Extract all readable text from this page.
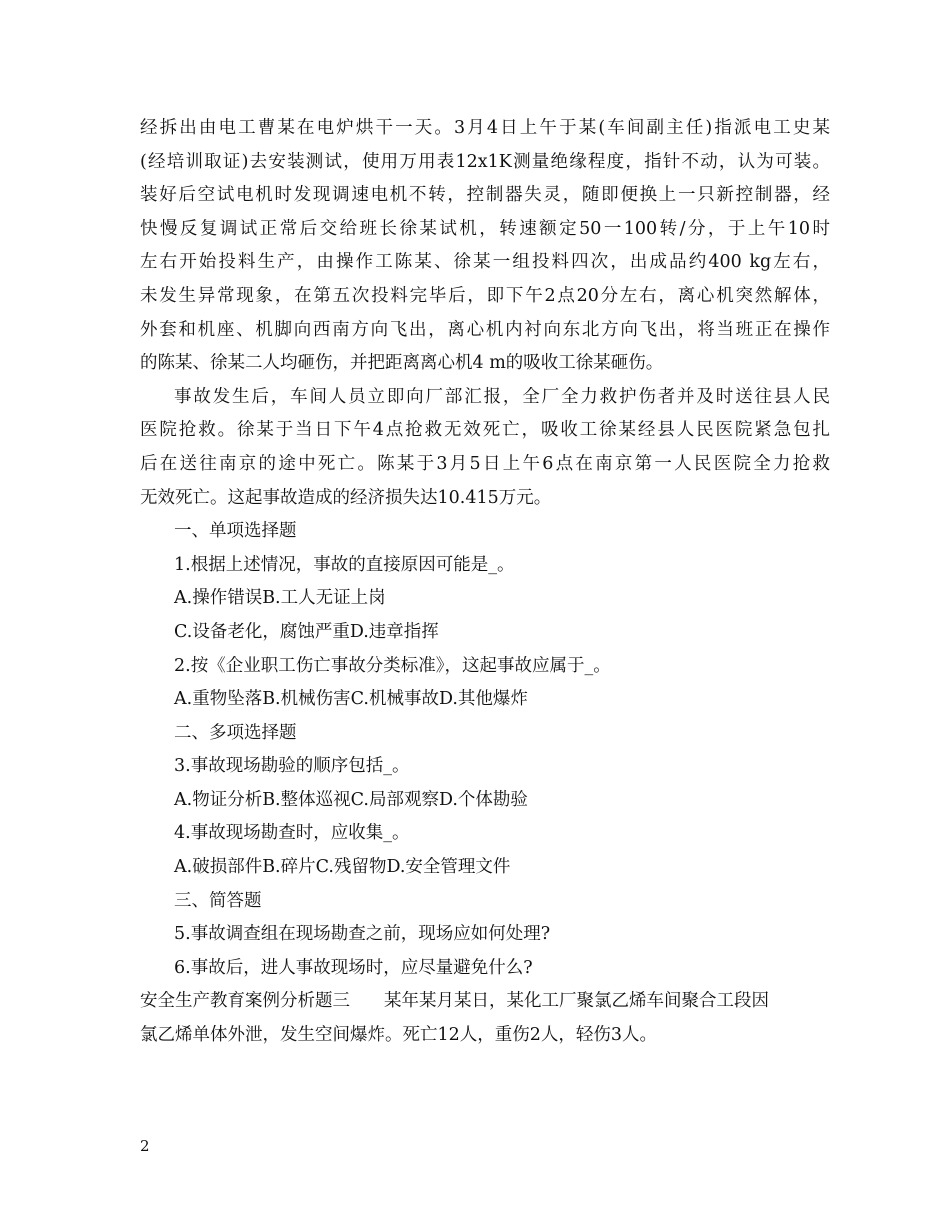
经拆出由电工曹某在电炉烘干一天。3月4日上午于某(车间副主任)指派电工史某
(经培训取证)去安装测试，使用万用表12x1K测量绝缘程度，指针不动，认为可装。
装好后空试电机时发现调速电机不转，控制器失灵，随即便换上一只新控制器，经
快慢反复调试正常后交给班长徐某试机，转速额定50一100转/分，于上午10时
左右开始投料生产，由操作工陈某、徐某一组投料四次，出成品约400 kg左右，
未发生异常现象，在第五次投料完毕后，即下午2点20分左右，离心机突然解体，
外套和机座、机脚向西南方向飞出，离心机内衬向东北方向飞出，将当班正在操作
的陈某、徐某二人均砸伤，并把距离离心机4 m的吸收工徐某砸伤。
事故发生后，车间人员立即向厂部汇报，全厂全力救护伤者并及时送往县人民
医院抢救。徐某于当日下午4点抢救无效死亡，吸收工徐某经县人民医院紧急包扎
后在送往南京的途中死亡。陈某于3月5日上午6点在南京第一人民医院全力抢救
无效死亡。这起事故造成的经济损失达10.415万元。
一、单项选择题
1.根据上述情况，事故的直接原因可能是_。
A.操作错误B.工人无证上岗
C.设备老化，腐蚀严重D.违章指挥
2.按《企业职工伤亡事故分类标准》，这起事故应属于_。
A.重物坠落B.机械伤害C.机械事故D.其他爆炸
二、多项选择题
3.事故现场勘验的顺序包括_。
A.物证分析B.整体巡视C.局部观察D.个体勘验
4.事故现场勘查时，应收集_。
A.破损部件B.碎片C.残留物D.安全管理文件
三、简答题
5.事故调查组在现场勘查之前，现场应如何处理?
6.事故后，进人事故现场时，应尽量避免什么?
安全生产教育案例分析题三 某年某月某日，某化工厂聚氯乙烯车间聚合工段因
氯乙烯单体外泄，发生空间爆炸。死亡12人，重伤2人，轻伤3人。
2
